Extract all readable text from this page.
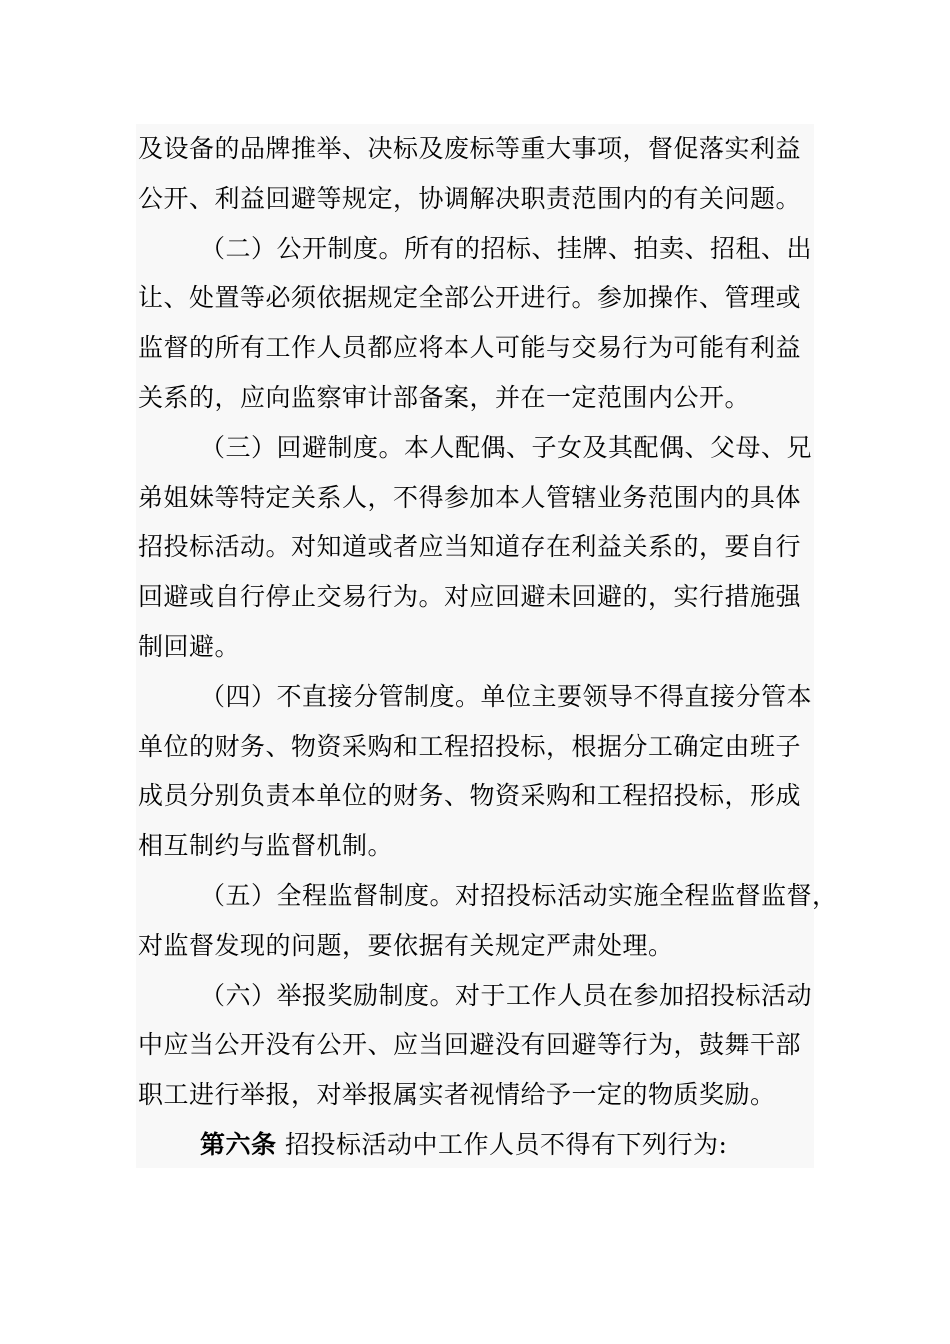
及设备的品牌推举、决标及废标等重大事项，督促落实利益
公开、利益回避等规定，协调解决职责范围内的有关问题。
（二）公开制度。所有的招标、挂牌、拍卖、招租、出
让、处置等必须依据规定全部公开进行。参加操作、管理或
监督的所有工作人员都应将本人可能与交易行为可能有利益
关系的，应向监察审计部备案，并在一定范围内公开。
（三）回避制度。本人配偶、子女及其配偶、父母、兄
弟姐妹等特定关系人，不得参加本人管辖业务范围内的具体
招投标活动。对知道或者应当知道存在利益关系的，要自行
回避或自行停止交易行为。对应回避未回避的，实行措施强
制回避。
（四）不直接分管制度。单位主要领导不得直接分管本
单位的财务、物资采购和工程招投标，根据分工确定由班子
成员分别负责本单位的财务、物资采购和工程招投标，形成
相互制约与监督机制。
（五）全程监督制度。对招投标活动实施全程监督监督，
对监督发现的问题，要依据有关规定严肃处理。
（六）举报奖励制度。对于工作人员在参加招投标活动
中应当公开没有公开、应当回避没有回避等行为，鼓舞干部
职工进行举报，对举报属实者视情给予一定的物质奖励。
第六条 招投标活动中工作人员不得有下列行为:
